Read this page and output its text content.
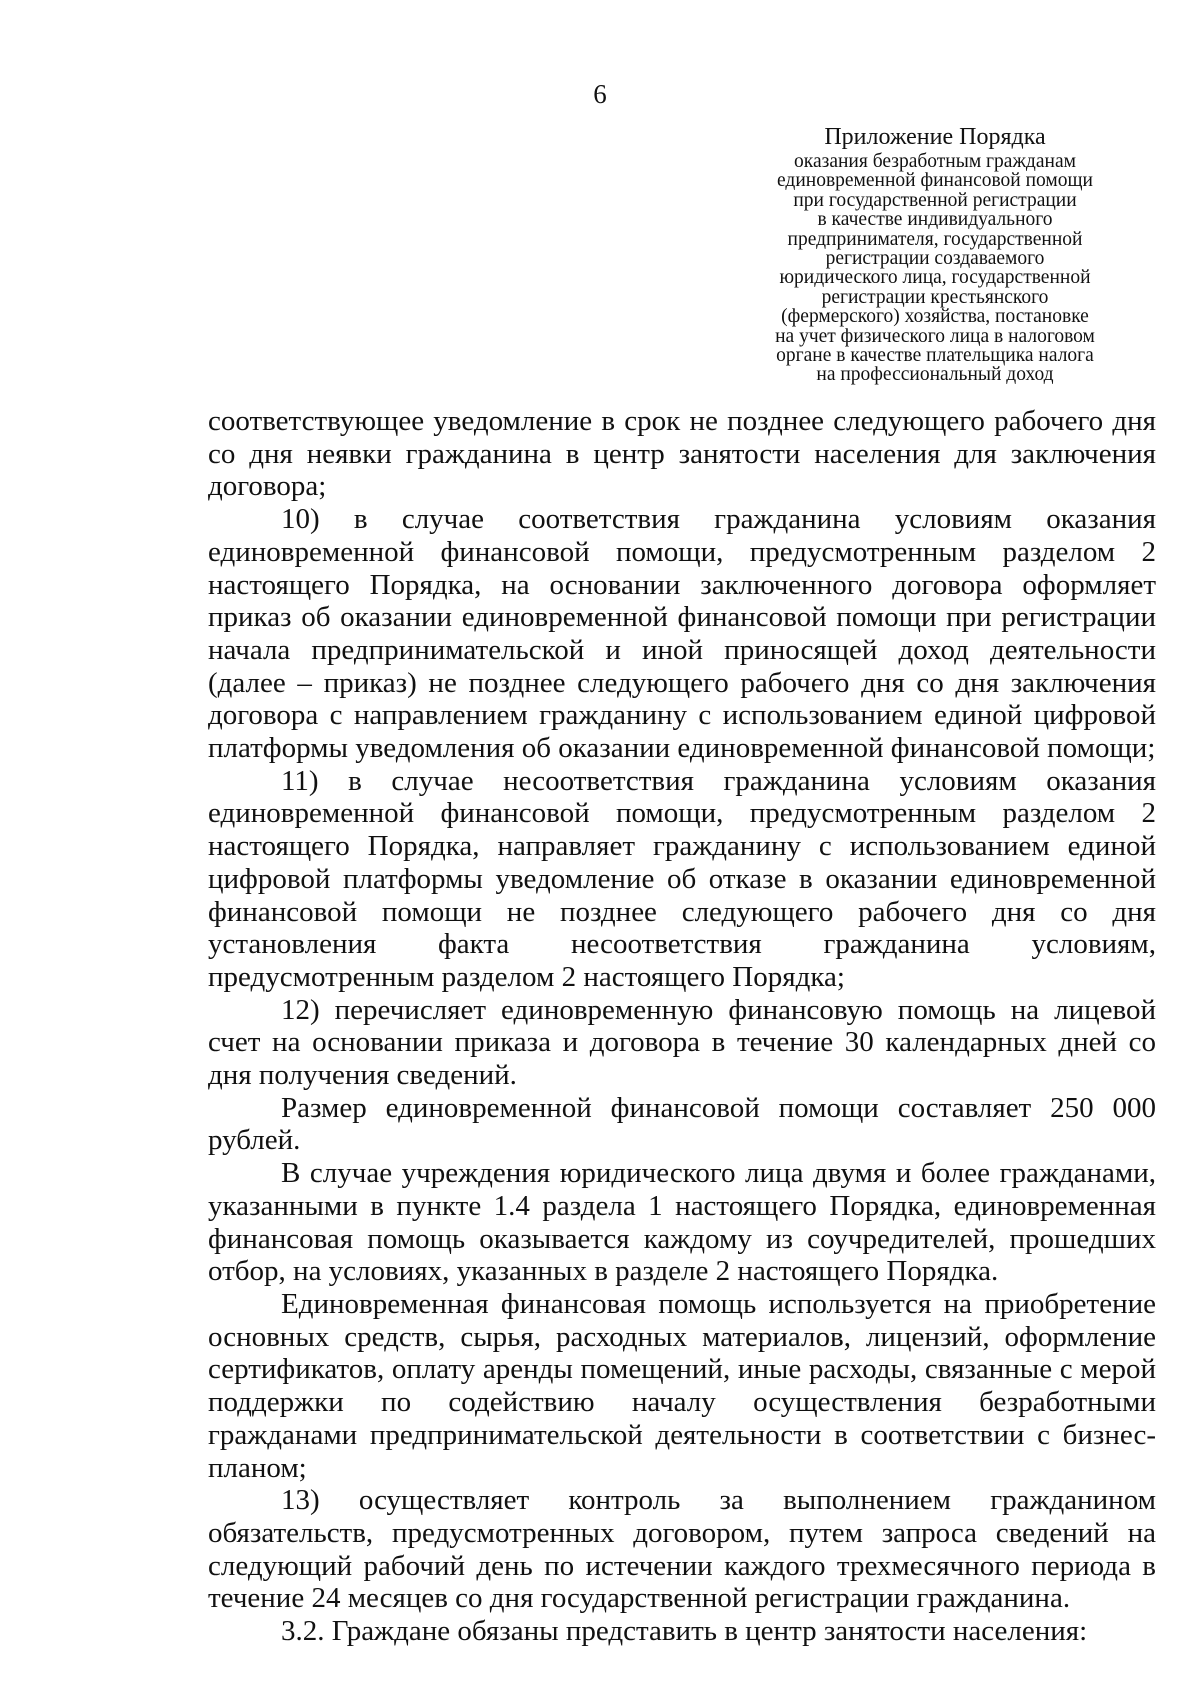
6
Приложение Порядка
оказания безработным гражданам
единовременной финансовой помощи
при государственной регистрации
в качестве индивидуального
предпринимателя, государственной
регистрации создаваемого
юридического лица, государственной
регистрации крестьянского
(фермерского) хозяйства, постановке
на учет физического лица в налоговом
органе в качестве плательщика налога
на профессиональный доход

соответствующее уведомление в срок не позднее следующего рабочего дня со дня неявки гражданина в центр занятости населения для заключения договора;

10) в случае соответствия гражданина условиям оказания единовременной финансовой помощи, предусмотренным разделом 2 настоящего Порядка, на основании заключенного договора оформляет приказ об оказании единовременной финансовой помощи при регистрации начала предпринимательской и иной приносящей доход деятельности (далее – приказ) не позднее следующего рабочего дня со дня заключения договора с направлением гражданину с использованием единой цифровой платформы уведомления об оказании единовременной финансовой помощи;

11) в случае несоответствия гражданина условиям оказания единовременной финансовой помощи, предусмотренным разделом 2 настоящего Порядка, направляет гражданину с использованием единой цифровой платформы уведомление об отказе в оказании единовременной финансовой помощи не позднее следующего рабочего дня со дня установления факта несоответствия гражданина условиям, предусмотренным разделом 2 настоящего Порядка;

12) перечисляет единовременную финансовую помощь на лицевой счет на основании приказа и договора в течение 30 календарных дней со дня получения сведений.

Размер единовременной финансовой помощи составляет 250 000 рублей.

В случае учреждения юридического лица двумя и более гражданами, указанными в пункте 1.4 раздела 1 настоящего Порядка, единовременная финансовая помощь оказывается каждому из соучредителей, прошедших отбор, на условиях, указанных в разделе 2 настоящего Порядка.

Единовременная финансовая помощь используется на приобретение основных средств, сырья, расходных материалов, лицензий, оформление сертификатов, оплату аренды помещений, иные расходы, связанные с мерой поддержки по содействию началу осуществления безработными гражданами предпринимательской деятельности в соответствии с бизнес-планом;

13) осуществляет контроль за выполнением гражданином обязательств, предусмотренных договором, путем запроса сведений на следующий рабочий день по истечении каждого трехмесячного периода в течение 24 месяцев со дня государственной регистрации гражданина.

3.2. Граждане обязаны представить в центр занятости населения:
